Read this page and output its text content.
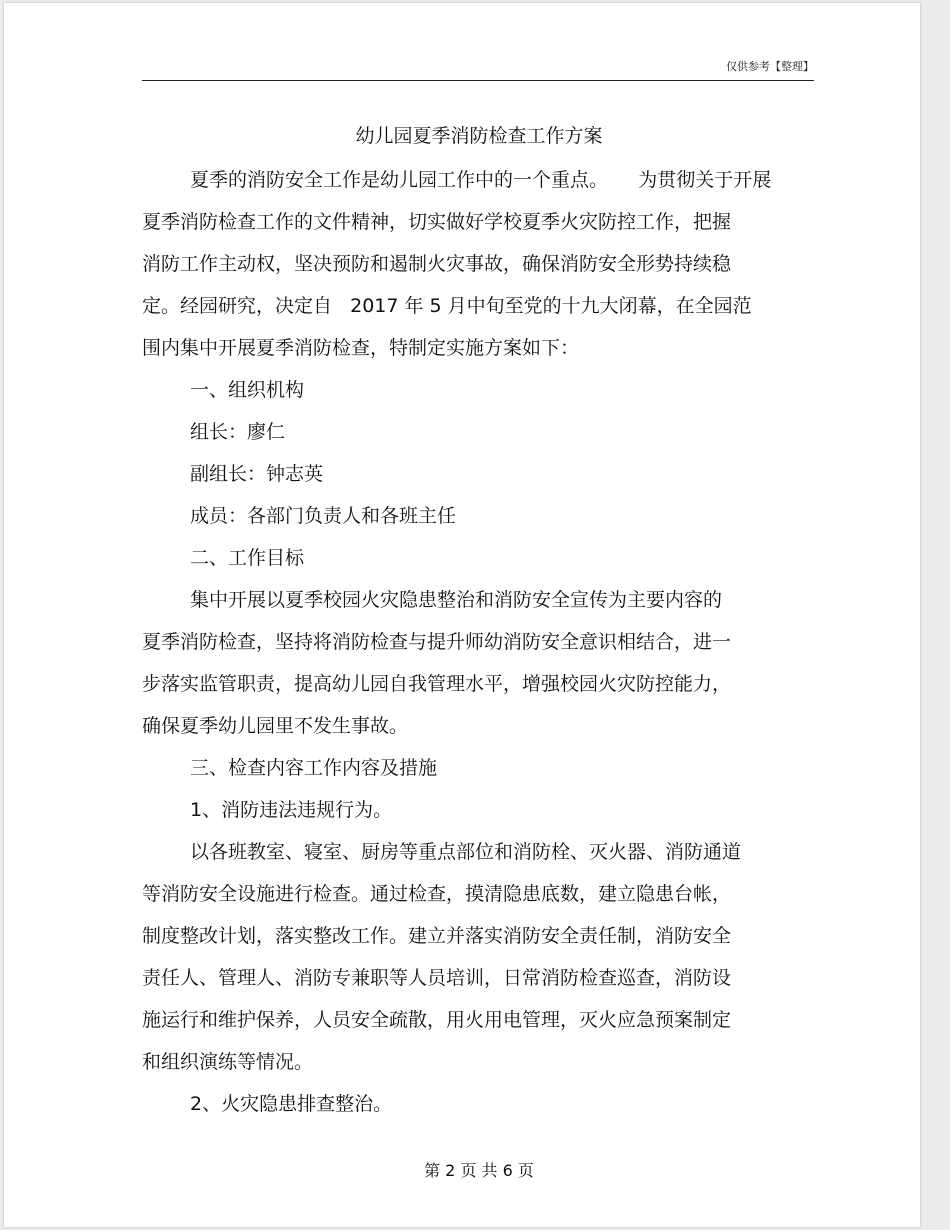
仅供参考【整理】
幼儿园夏季消防检查工作方案
夏季的消防安全工作是幼儿园工作中的一个重点。     为贯彻关于开展
夏季消防检查工作的文件精神，切实做好学校夏季火灾防控工作，把握
消防工作主动权，坚决预防和遏制火灾事故，确保消防安全形势持续稳
定。经园研究，决定自   2017 年 5 月中旬至党的十九大闭幕，在全园范
围内集中开展夏季消防检查，特制定实施方案如下：
一、组织机构
组长：廖仁
副组长：钟志英
成员：各部门负责人和各班主任
二、工作目标
集中开展以夏季校园火灾隐患整治和消防安全宣传为主要内容的
夏季消防检查，坚持将消防检查与提升师幼消防安全意识相结合，进一
步落实监管职责，提高幼儿园自我管理水平，增强校园火灾防控能力，
确保夏季幼儿园里不发生事故。
三、检查内容工作内容及措施
1、消防违法违规行为。
以各班教室、寝室、厨房等重点部位和消防栓、灭火器、消防通道
等消防安全设施进行检查。通过检查，摸清隐患底数，建立隐患台帐，
制度整改计划，落实整改工作。建立并落实消防安全责任制，消防安全
责任人、管理人、消防专兼职等人员培训，日常消防检查巡查，消防设
施运行和维护保养，人员安全疏散，用火用电管理，灭火应急预案制定
和组织演练等情况。
2、火灾隐患排查整治。
第 2 页 共 6 页
